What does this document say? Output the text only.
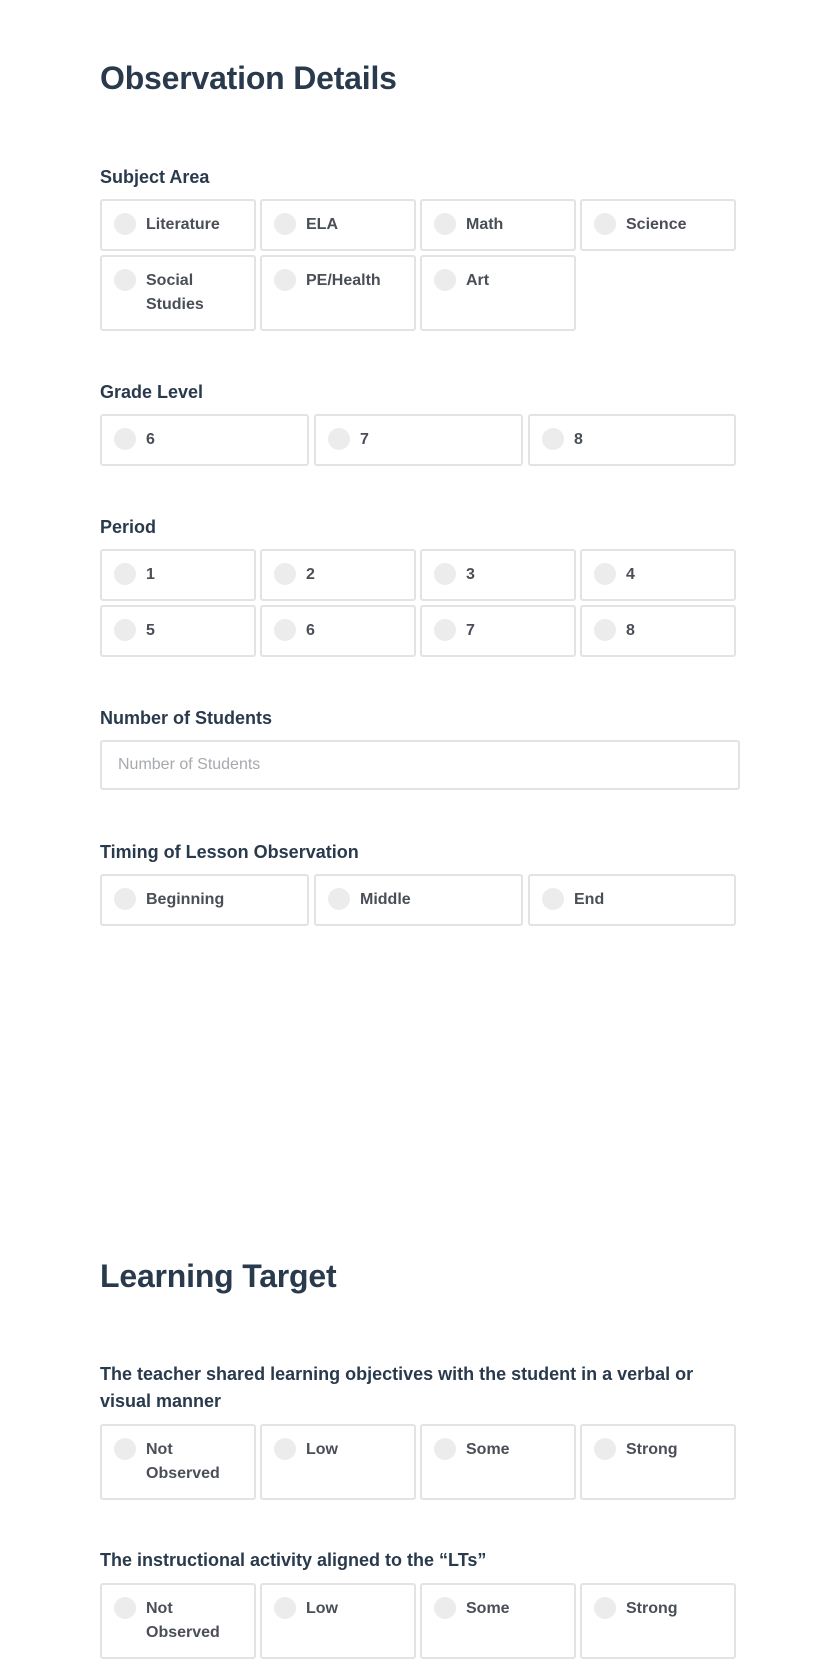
Observation Details
Subject Area
Literature	ELA	Math	Science
Social Studies
PE/Health	Art
Grade Level
6	7	8
Period
1	2	3	4
5	6	7	8
Number of Students
Number of Students
Timing of Lesson Observation
Beginning	Middle	End
Learning Target
The teacher shared learning objectives with the student in a verbal or visual manner
Not Observed
Low	Some	Strong
The instructional activity aligned to the “LTs”
Not Observed
Low	Some	Strong
